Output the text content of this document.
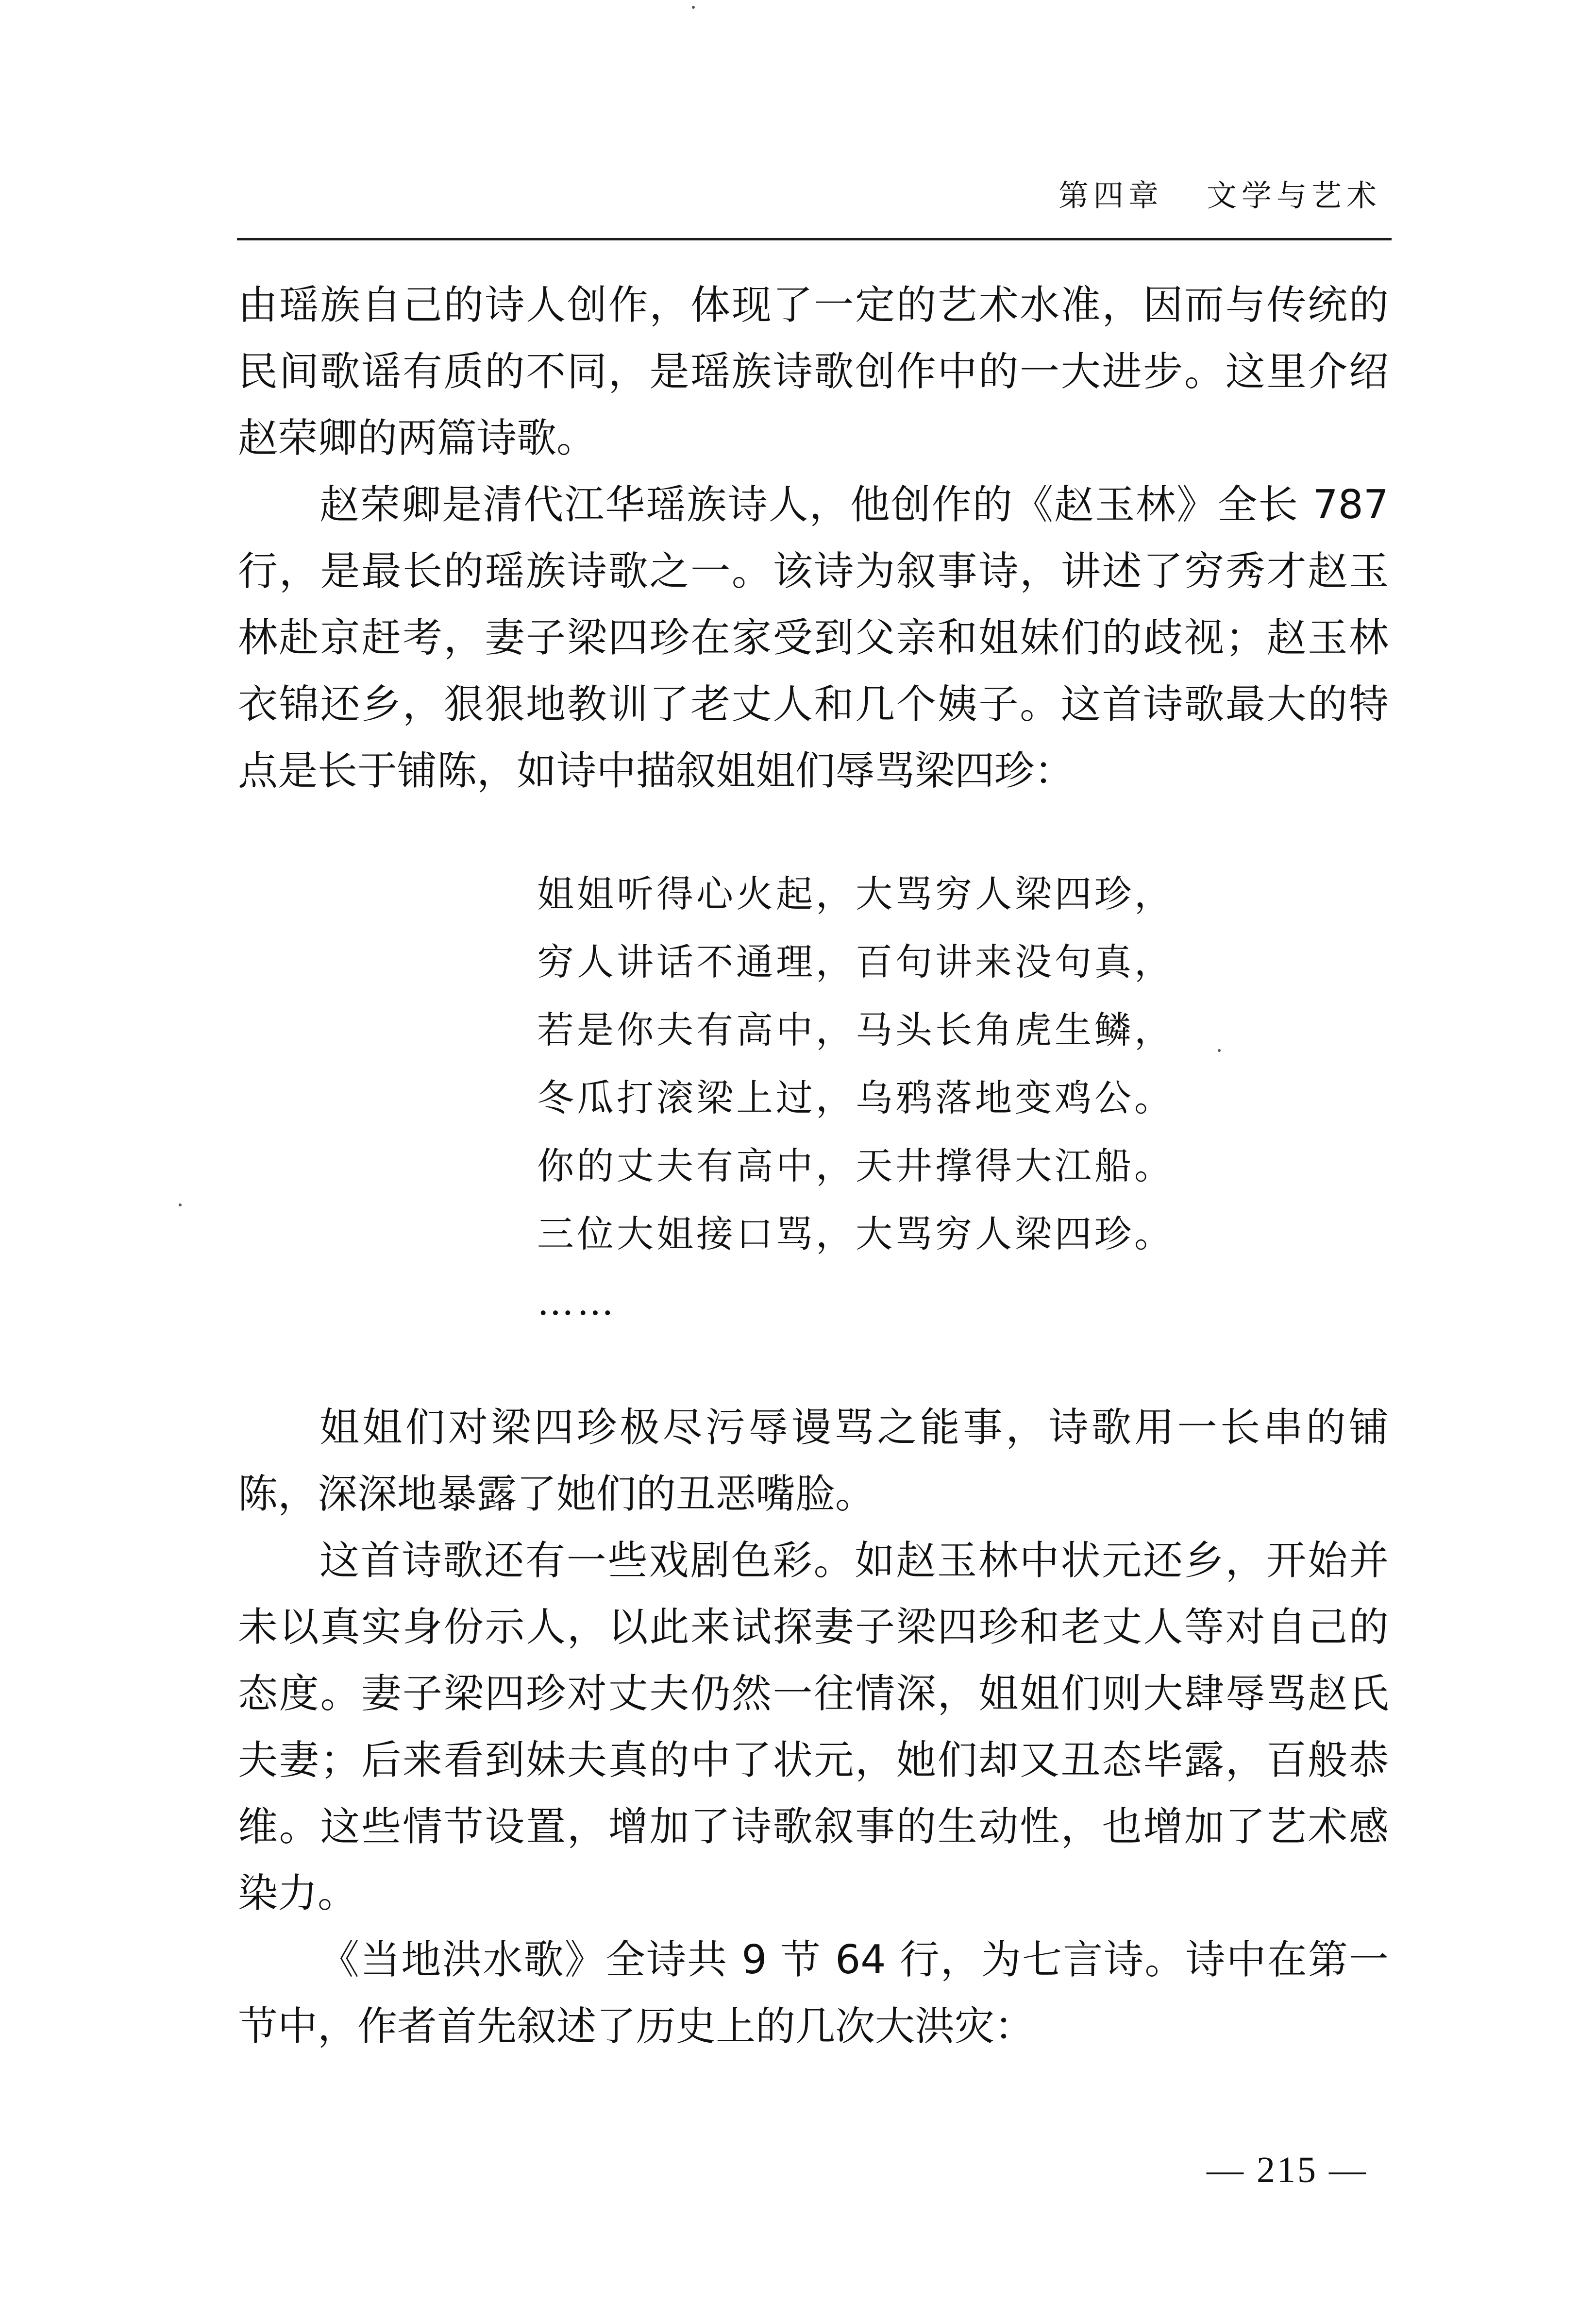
第四章   文学与艺术

由瑶族自己的诗人创作，体现了一定的艺术水准，因而与传统的民间歌谣有质的不同，是瑶族诗歌创作中的一大进步。这里介绍赵荣卿的两篇诗歌。

赵荣卿是清代江华瑶族诗人，他创作的《赵玉林》全长 787 行，是最长的瑶族诗歌之一。该诗为叙事诗，讲述了穷秀才赵玉林赴京赶考，妻子梁四珍在家受到父亲和姐妹们的歧视；赵玉林衣锦还乡，狠狠地教训了老丈人和几个姨子。这首诗歌最大的特点是长于铺陈，如诗中描叙姐姐们辱骂梁四珍：

姐姐听得心火起，大骂穷人梁四珍，
穷人讲话不通理，百句讲来没句真，
若是你夫有高中，马头长角虎生鳞，
冬瓜打滚梁上过，乌鸦落地变鸡公。
你的丈夫有高中，天井撑得大江船。
三位大姐接口骂，大骂穷人梁四珍。
……

姐姐们对梁四珍极尽污辱谩骂之能事，诗歌用一长串的铺陈，深深地暴露了她们的丑恶嘴脸。

这首诗歌还有一些戏剧色彩。如赵玉林中状元还乡，开始并未以真实身份示人，以此来试探妻子梁四珍和老丈人等对自己的态度。妻子梁四珍对丈夫仍然一往情深，姐姐们则大肆辱骂赵氏夫妻；后来看到妹夫真的中了状元，她们却又丑态毕露，百般恭维。这些情节设置，增加了诗歌叙事的生动性，也增加了艺术感染力。

《当地洪水歌》全诗共 9 节 64 行，为七言诗。诗中在第一节中，作者首先叙述了历史上的几次大洪灾：

— 215 —
